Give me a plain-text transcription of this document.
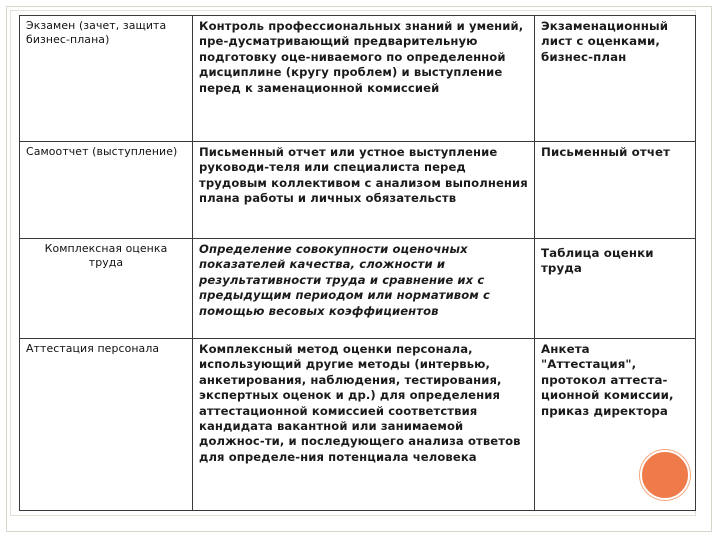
Экзамен (зачет, защита бизнес-плана)	Контроль профессиональных знаний и умений, пре-дусматривающий предварительную подготовку оце-ниваемого по определенной дисциплине (кругу проблем) и выступление перед к заменационной комиссией	Экзаменационный лист с оценками, бизнес-план
Самоотчет (выступление)	Письменный отчет или устное выступление руководи-теля или специалиста перед трудовым коллективом с анализом выполнения плана работы и личных обязательств	Письменный отчет
Комплексная оценка труда	Определение совокупности оценочных показателей качества, сложности и результативности труда и сравнение их с предыдущим периодом или нормативом с помощью весовых коэффициентов	Таблица оценки труда
Аттестация персонала	Комплексный метод оценки персонала, использующий другие методы (интервью, анкетирования, наблюдения, тестирования, экспертных оценок и др.) для определения аттестационной комиссией соответствия кандидата вакантной или занимаемой должнос-ти, и последующего анализа ответов для определе-ния потенциала человека	Анкета "Аттестация", протокол аттеста-ционной комиссии, приказ директора
